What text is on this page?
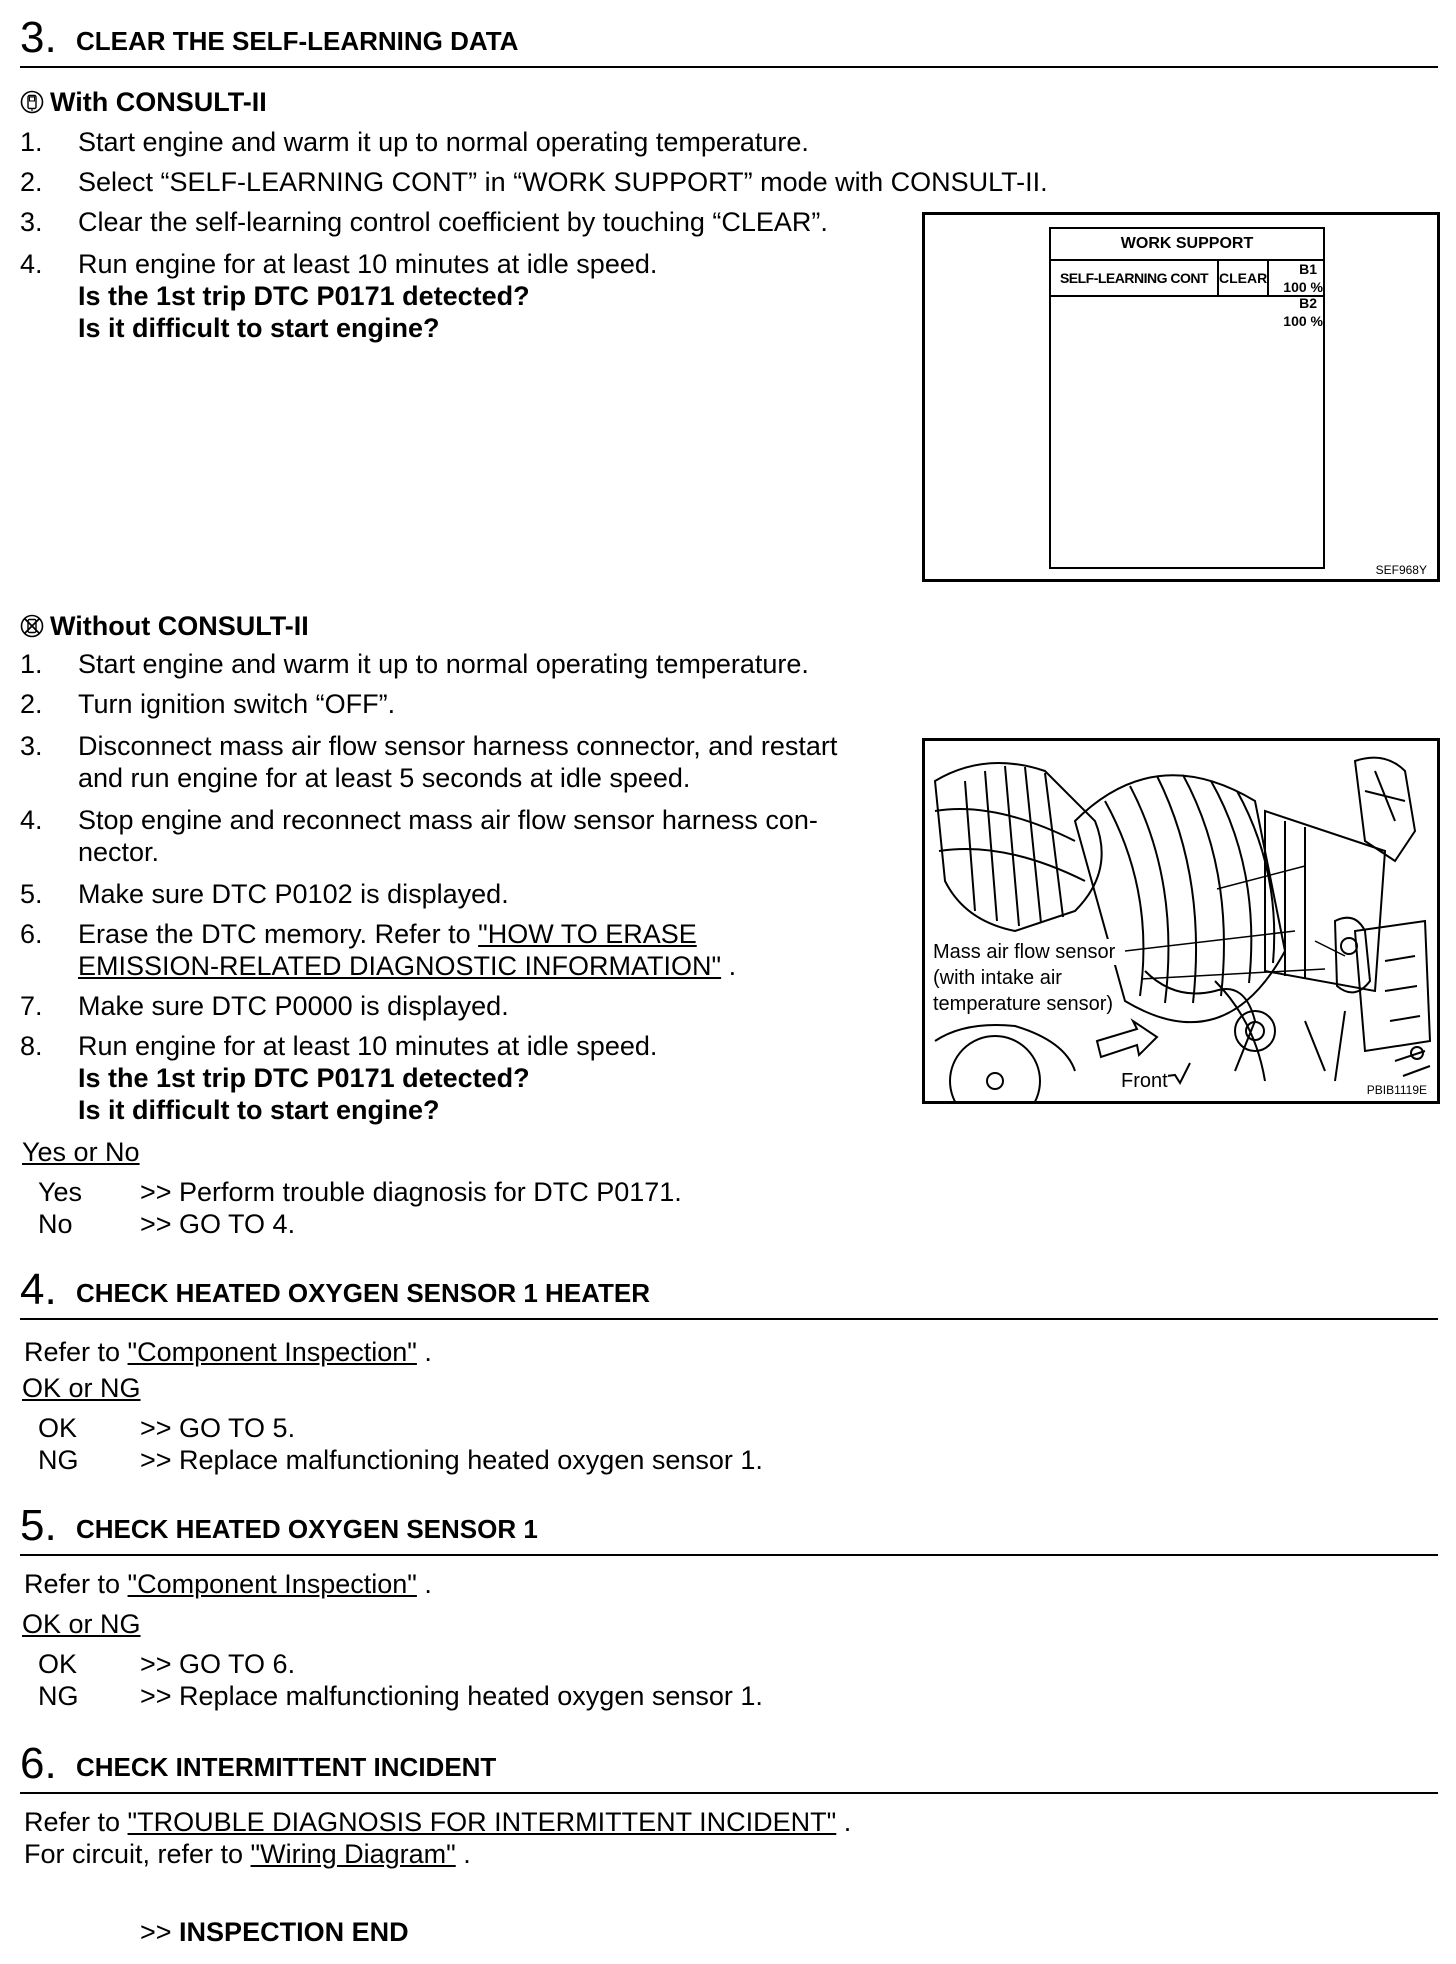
3. CLEAR THE SELF-LEARNING DATA
With CONSULT-II
1. Start engine and warm it up to normal operating temperature.
2. Select “SELF-LEARNING CONT” in “WORK SUPPORT” mode with CONSULT-II.
3. Clear the self-learning control coefficient by touching “CLEAR”.
4. Run engine for at least 10 minutes at idle speed.
Is the 1st trip DTC P0171 detected?
Is it difficult to start engine?
WORK SUPPORT
SELF-LEARNING CONT CLEAR
B1
100 %
B2
100 %
SEF968Y
Without CONSULT-II
1. Start engine and warm it up to normal operating temperature.
2. Turn ignition switch “OFF”.
3. Disconnect mass air flow sensor harness connector, and restart
and run engine for at least 5 seconds at idle speed.
4. Stop engine and reconnect mass air flow sensor harness con-
nector.
5. Make sure DTC P0102 is displayed.
6. Erase the DTC memory. Refer to "HOW TO ERASE
EMISSION-RELATED DIAGNOSTIC INFORMATION" .
7. Make sure DTC P0000 is displayed.
8. Run engine for at least 10 minutes at idle speed.
Is the 1st trip DTC P0171 detected?
Is it difficult to start engine?
Mass air flow sensor
(with intake air
temperature sensor)
Front	PBIB1119E
Yes or No
Yes >> Perform trouble diagnosis for DTC P0171.
No >> GO TO 4.
4. CHECK HEATED OXYGEN SENSOR 1 HEATER
Refer to "Component Inspection" .
OK or NG
OK >> GO TO 5.
NG >> Replace malfunctioning heated oxygen sensor 1.
5. CHECK HEATED OXYGEN SENSOR 1
Refer to "Component Inspection" .
OK or NG
OK >> GO TO 6.
NG >> Replace malfunctioning heated oxygen sensor 1.
6. CHECK INTERMITTENT INCIDENT
Refer to "TROUBLE DIAGNOSIS FOR INTERMITTENT INCIDENT" .
For circuit, refer to "Wiring Diagram" .
>> INSPECTION END
